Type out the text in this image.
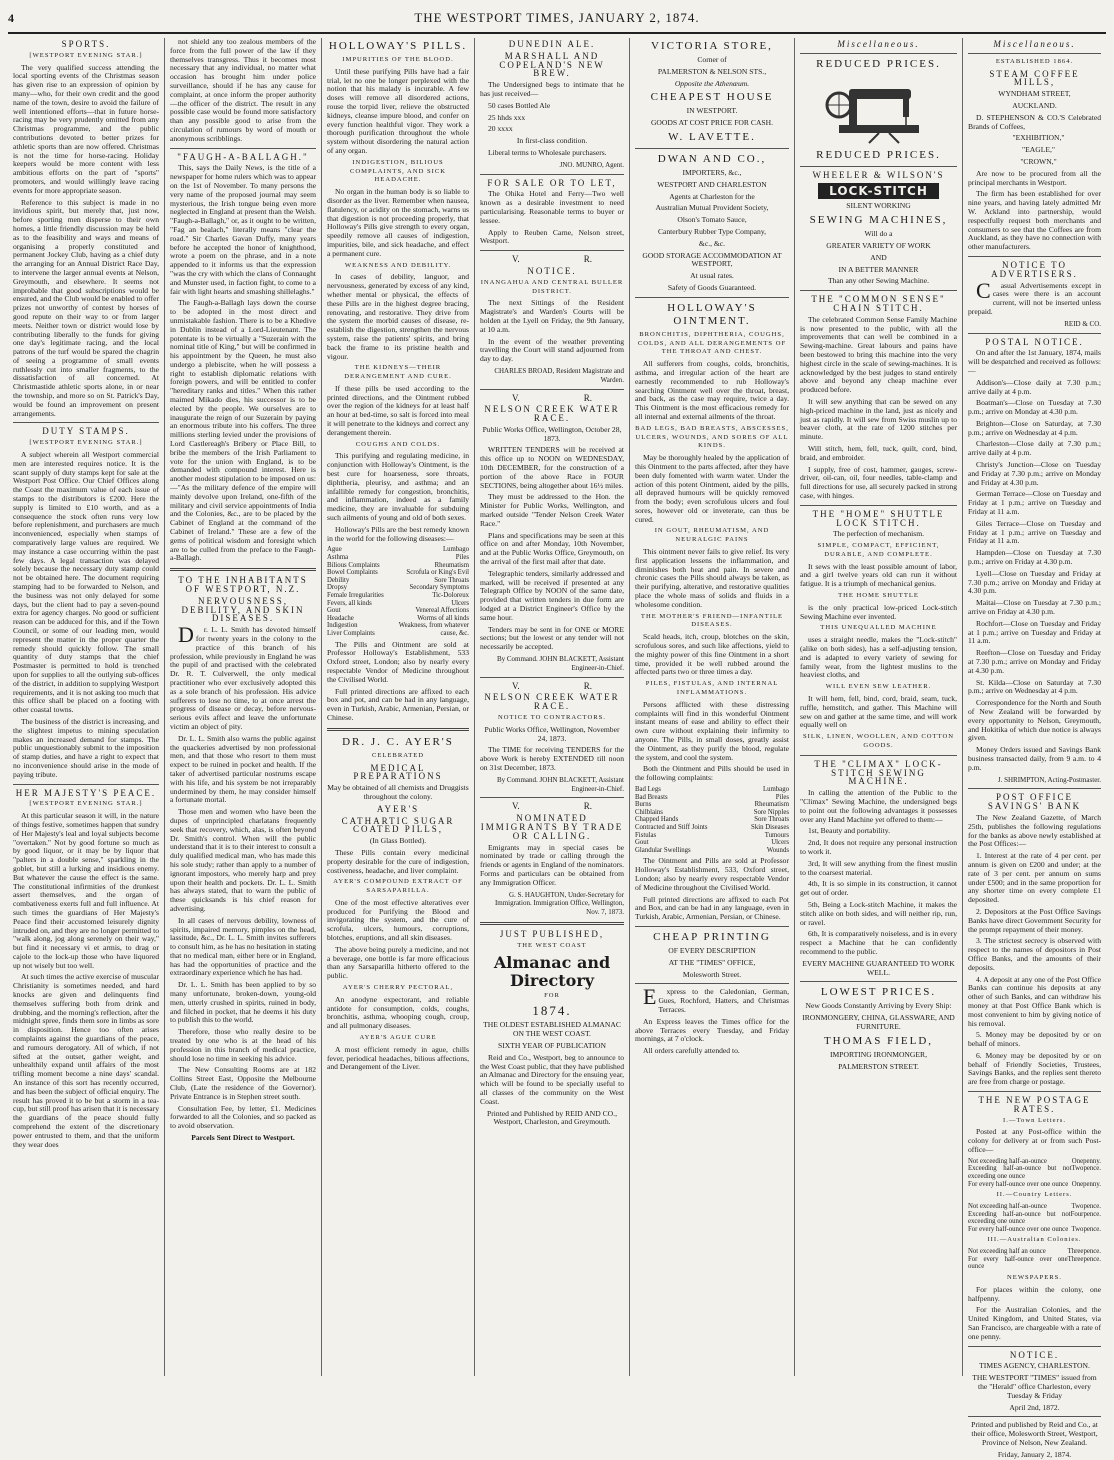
4	THE WESTPORT TIMES, JANUARY 2, 1874.
SPORTS.
[WESTPORT EVENING STAR.]

The very qualified success attending the local sporting events of the Christmas season has given rise to an expression of opinion by many—who, for their own credit and the good name of the town, desire to avoid the failure of well intentioned efforts—that in future horse-racing may be very prudently omitted from any Christmas programme, and the public contributions devoted to better prizes for athletic sports than are now offered. Christmas is not the time for horse-racing. Holiday keepers would be more content with less ambitious efforts on the part of "sports" promoters, and would willingly leave racing events for more appropriate season.

Reference to this subject is made in no invidious spirit, but merely that, just now, before sporting men disperse to their own homes, a little friendly discussion may be held as to the feasibility and ways and means of organising a properly constituted and permanent Jockey Club, having as a chief duty the arranging for an Annual District Race Day, to intervene the larger annual events at Nelson, Greymouth, and elsewhere. It seems not improbable that good subscriptions would be ensured, and the Club would be enabled to offer prizes not unworthy of contest by horses of good repute on their way to or from larger meets. Neither town or district would lose by contributing liberally to the funds for giving one day's legitimate racing, and the local patrons of the turf would be spared the chagrin of seeing a programme of small events ruthlessly cut into smaller fragments, to the dissatisfaction of all concerned. At Christmastide athletic sports alone, in or near the township, and more so on St. Patrick's Day, would be found an improvement on present arrangements.

DUTY STAMPS.
[WESTPORT EVENING STAR.]

A subject wherein all Westport commercial men are interested requires notice. It is the scant supply of duty stamps kept for sale at the Westport Post Office. Our Chief Offices along the Coast the maximum value of each issue of stamps to the distributors is £200. Here the supply is limited to £10 worth, and as a consequence the stock often runs very low before replenishment, and purchasers are much inconvenienced, especially when stamps of comparatively large values are required. We may instance a case occurring within the past few days. A legal transaction was delayed solely because the necessary duty stamp could not be obtained here. The document requiring stamping had to be forwarded to Nelson, and the business was not only delayed for some days, but the client had to pay a seven-pound extra for agency charges. No good or sufficient reason can be adduced for this, and if the Town Council, or some of our leading men, would represent the matter in the proper quarter the remedy should quickly follow. The small quantity of duty stamps that the chief Postmaster is permitted to hold is trenched upon for supplies to all the outlying sub-offices of the district, in addition to supplying Westport requirements, and it is not asking too much that this office shall be placed on a footing with other coastal towns.

The business of the district is increasing, and the slightest impetus to mining speculation makes an increased demand for stamps. The public unquestionably submit to the imposition of stamp duties, and have a right to expect that no inconvenience should arise in the mode of paying tribute.

HER MAJESTY'S PEACE.
[WESTPORT EVENING STAR.]

At this particular season it will, in the nature of things festive, sometimes happen that sundry of Her Majesty's leal and loyal subjects become "overtaken." Not by good fortune so much as by good liquor, or it may be by liquor that "palters in a double sense," sparkling in the goblet, but still a lurking and insidious enemy. But whatever the cause the effect is the same. The constitutional infirmities of the drunkest assert themselves, and the organ of combativeness exerts full and full influence. At such times the guardians of Her Majesty's Peace find their accustomed leisurely dignity intruded on, and they are no longer permitted to "walk along, jog along serenely on their way," but find it necessary vi et armis, to drag or cajole to the lock-up those who have liquored up not wisely but too well.

At such times the active exercise of muscular Christianity is sometimes needed, and hard knocks are given and delinquents find themselves suffering both from drink and drubbing, and the morning's reflection, after the midnight spree, finds them sore in limbs as sore in disposition. Hence too often arises complaints against the guardians of the peace, and rumours derogatory. All of which, if not sifted at the outset, gather weight, and unhealthily expand until affairs of the most trifling moment become a nine days' scandal. An instance of this sort has recently occurred, and has been the subject of official enquiry. The result has proved it to be but a storm in a tea-cup, but still proof has arisen that it is necessary the guardians of the peace should fully comprehend the extent of the discretionary power entrusted to them, and that the uniform they wear does

not shield any too zealous members of the force from the full power of the law if they themselves transgress. Thus it becomes most necessary that any individual, no matter what occasion has brought him under police surveillance, should if he has any cause for complaint, at once inform the proper authority—the officer of the district. The result in any possible case would be found more satisfactory than any possible good to arise from the circulation of rumours by word of mouth or anonymous scribblings.

"FAUGH-A-BALLAGH."

This, says the Daily News, is the title of a newspaper for home rulers which was to appear on the 1st of November. To many persons the very name of the proposed journal may seem mysterious, the Irish tongue being even more neglected in England at present than the Welsh. "Faugh-a-Ballagh," or, as it ought to be written, "Fag an bealach," literally means "clear the road." Sir Charles Gavan Duffy, many years before he accepted the honor of knighthood, wrote a poem on the phrase, and in a note appended to it informs us that the expression "was the cry with which the clans of Connaught and Munster used, in faction fight, to come to a fair with light hearts and smashing shillelaghs."

The Faugh-a-Ballagh lays down the course to be adopted in the most direct and unmistakable fashion. There is to be a Khedive in Dublin instead of a Lord-Lieutenant. The potentate is to be virtually a "Suzerain with the nominal title of King," but will be confirmed in his appointment by the Queen, he must also undergo a plebiscite, when he will possess a right to establish diplomatic relations with foreign powers, and will be entitled to confer "hereditary ranks and titles." When this rather maimed Mikado dies, his successor is to be elected by the people. We ourselves are to inaugurate the reign of our Suzerain by paying an enormous tribute into his coffers. The three millions sterling levied under the provisions of Lord Castlereagh's Bribery or Place Bill, to bribe the members of the Irish Parliament to vote for the union with England, is to be demanded with compound interest. Here is another modest stipulation to be imposed on us:—"As the military defence of the empire will mainly devolve upon Ireland, one-fifth of the military and civil service appointments of India and the Colonies, &c., are to be placed by the Cabinet of England at the command of the Cabinet of Ireland." These are a few of the gems of political wisdom and foresight which are to be culled from the preface to the Faugh-a-Ballagh.

TO THE INHABITANTS OF WESTPORT, N.Z.
NERVOUSNESS, DEBILITY, AND SKIN DISEASES.

Dr. L. L. Smith has devoted himself for twenty years in the colony to the practice of this branch of his profession, while previously in England he was the pupil of and practised with the celebrated Dr. R. T. Culverwell, the only medical practitioner who ever exclusively adopted this as a sole branch of his profession. His advice sufferers to lose no time, to at once arrest the progress of disease or decay, before nervous-serious evils affect and leave the unfortunate victim an object of pity.

Dr. L. L. Smith also warns the public against the quackeries advertised by non professional men, and that those who resort to them must expect to be ruined in pocket and health. If the taker of advertised particular nostrums escape with his life, and his system be not irreparably undermined by them, he may consider himself a fortunate mortal.

Those men and women who have been the dupes of unprincipled charlatans frequently seek that recovery, which, alas, is often beyond Dr. Smith's control. When will the public understand that it is to their interest to consult a duly qualified medical man, who has made this his sole study; rather than apply to a number of ignorant impostors, who merely harp and prey upon their health and pockets. Dr. L. L. Smith has always stated, that to warn the public of these quicksands is his chief reason for advertising.

In all cases of nervous debility, lowness of spirits, impaired memory, pimples on the head, lassitude, &c., Dr. L. L. Smith invites sufferers to consult him, as he has no hesitation in stating that no medical man, either here or in England, has had the opportunities of practice and the extraordinary experience which he has had.

Dr. L. L. Smith has been applied to by so many unfortunate, broken-down, young-old men, utterly crushed in spirits, ruined in body, and filched in pocket, that he deems it his duty to publish this to the world.

Therefore, those who really desire to be treated by one who is at the head of his profession in this branch of medical practice, should lose no time in seeking his advice.

The New Consulting Rooms are at 182 Collins Street East, Opposite the Melbourne Club, (Late the residence of the Governor). Private Entrance is in Stephen street south.

Consultation Fee, by letter, £1. Medicines forwarded to all the Colonies, and so packed as to avoid observation.

Parcels Sent Direct to Westport.

HOLLOWAY'S PILLS.
IMPURITIES OF THE BLOOD.

Until these purifying Pills have had a fair trial, let no one be longer perplexed with the notion that his malady is incurable. A few doses will remove all disordered actions, rouse the torpid liver, relieve the obstructed kidneys, cleanse impure blood, and confer on every function healthful vigor. They work a thorough purification throughout the whole system without disordering the natural action of any organ.

INDIGESTION, BILIOUS COMPLAINTS, AND SICK HEADACHE.

No organ in the human body is so liable to disorder as the liver. Remember when nausea, flatulency, or acidity on the stomach, warns us that digestion is not proceeding properly, that Holloway's Pills give strength to every organ, speedily remove all causes of indigestion, impurities, bile, and sick headache, and effect a permanent cure.

WEAKNESS AND DEBILITY.

In cases of debility, languor, and nervousness, generated by excess of any kind, whether mental or physical, the effects of these Pills are in the highest degree bracing, renovating, and restorative. They drive from the system the morbid causes of disease, re-establish the digestion, strengthen the nervous system, raise the patients' spirits, and bring back the frame to its pristine health and vigour.

THE KIDNEYS—THEIR DERANGEMENT AND CURE.

If these pills be used according to the printed directions, and the Ointment rubbed over the region of the kidneys for at least half an hour at bed-time, so salt is forced into meal it will penetrate to the kidneys and correct any derangement therein.

COUGHS AND COLDS.

This purifying and regulating medicine, in conjunction with Holloway's Ointment, is the best cure for hoarseness, sore throats, diphtheria, pleurisy, and asthma; and an infallible remedy for congestion, bronchitis, and inflammation, indeed as a family medicine, they are invaluable for subduing such ailments of young and old of both sexes.

Holloway's Pills are the best remedy known in the world for the following diseases:—

Ague	Lumbago
Asthma	Piles
Bilious Complaints	Rheumatism
Bowel Complaints	Scrofula or King's Evil
Debility	Sore Throats
Dropsy	Secondary Symptoms
Female Irregularities	Tic-Doloreux
Fevers, all kinds	Ulcers
Gout	Venereal Affections
Headache	Worms of all kinds
Indigestion	Weakness, from whatever
Liver Complaints	cause, &c.

The Pills and Ointment are sold at Professor Holloway's Establishment, 533 Oxford street, London; also by nearly every respectable Vendor of Medicine throughout the Civilised World.

Full printed directions are affixed to each box and pot, and can be had in any language, even in Turkish, Arabic, Armenian, Persian, or Chinese.

DR. J. C. AYER'S
CELEBRATED
MEDICAL PREPARATIONS

May be obtained of all chemists and Druggists throughout the colony.

AYER'S
CATHARTIC SUGAR COATED PILLS,

(In Glass Bottled).

These Pills contain every medicinal property desirable for the cure of indigestion, costiveness, headache, and liver complaint.

AYER'S COMPOUND EXTRACT OF SARSAPARILLA.

One of the most effective alteratives ever produced for Purifying the Blood and invigorating the system, and the cure of scrofula, ulcers, humours, corruptions, blotches, eruptions, and all skin diseases.

The above being purely a medicine, and not a beverage, one bottle is far more efficacious than any Sarsaparilla hitherto offered to the public.

AYER'S CHERRY PECTORAL,

An anodyne expectorant, and reliable antidote for consumption, colds, coughs, bronchitis, asthma, whooping cough, croup, and all pulmonary diseases.

AYER'S AGUE CURE

A most efficient remedy in ague, chills fever, periodical headaches, bilious affections, and Derangement of the Liver.

DUNEDIN ALE.
MARSHALL AND COPELAND'S NEW BREW.

The Undersigned begs to intimate that he has just received—

50 cases Bottled Ale

25 hhds xxx

20 xxxx

In first-class condition.

Liberal terms to Wholesale purchasers.

JNO. MUNRO, Agent.

FOR SALE OR TO LET,

The Ohika Hotel and Ferry—Two well known as a desirable investment to need particularising. Reasonable terms to buyer or lessee.

Apply to Reuben Carne, Nelson street, Westport.

V.	R.
NOTICE.
INANGAHUA AND CENTRAL BULLER DISTRICT.

The next Sittings of the Resident Magistrate's and Warden's Courts will be holden at the Lyell on Friday, the 9th January, at 10 a.m.

In the event of the weather preventing travelling the Court will stand adjourned from day to day.

CHARLES BROAD, Resident Magistrate and Warden.

V.	R.
NELSON CREEK WATER RACE.

Public Works Office, Wellington, October 28, 1873.

WRITTEN TENDERS will be received at this office up to NOON on WEDNESDAY, 10th DECEMBER, for the construction of a portion of the above Race in FOUR SECTIONS, being altogether about 16½ miles.

They must be addressed to the Hon. the Minister for Public Works, Wellington, and marked outside "Tender Nelson Creek Water Race."

Plans and specifications may be seen at this office on and after Monday, 10th November, and at the Public Works Office, Greymouth, on the arrival of the first mail after that date.

Telegraphic tenders, similarly addressed and marked, will be received if presented at any Telegraph Office by NOON of the same date, provided that written tenders in due form are lodged at a District Engineer's Office by the same hour.

Tenders may be sent in for ONE or MORE sections; but the lowest or any tender will not necessarily be accepted.

By Command. JOHN BLACKETT, Assistant Engineer-in-Chief.

V.	R.
NELSON CREEK WATER RACE.
NOTICE TO CONTRACTORS.

Public Works Office, Wellington, November 24, 1873.

The TIME for receiving TENDERS for the above Work is hereby EXTENDED till noon on 31st December, 1873.

By Command. JOHN BLACKETT, Assistant Engineer-in-Chief.

V.	R.
NOMINATED IMMIGRANTS BY TRADE OR CALLING.

Emigrants may in special cases be nominated by trade or calling through the friends or agents in England of the nominators. Forms and particulars can be obtained from any Immigration Officer.

G. S. HAUGHTON, Under-Secretary for Immigration. Immigration Office, Wellington, Nov. 7, 1873.

JUST PUBLISHED,
THE WEST COAST
Almanac and Directory
FOR
1874.

THE OLDEST ESTABLISHED ALMANAC ON THE WEST COAST.

SIXTH YEAR OF PUBLICATION

Reid and Co., Westport, beg to announce to the West Coast public, that they have published an Almanac and Directory for the ensuing year, which will be found to be specially useful to all classes of the community on the West Coast.

Printed and Published by REID AND CO., Westport, Charleston, and Greymouth.

VICTORIA STORE,

Corner of

PALMERSTON & NELSON STS.,

Opposite the Athenæum.

CHEAPEST HOUSE

IN WESTPORT.

GOODS AT COST PRICE FOR CASH.

W. LAVETTE.

DWAN AND CO.,

IMPORTERS, &c.,

WESTPORT AND CHARLESTON

Agents at Charleston for the

Australian Mutual Provident Society,

Olson's Tomato Sauce,

Canterbury Rubber Type Company,

&c., &c.

GOOD STORAGE ACCOMMODATION AT WESTPORT,

At usual rates.

Safety of Goods Guaranteed.

HOLLOWAY'S OINTMENT.
BRONCHITIS, DIPHTHERIA, COUGHS, COLDS, AND ALL DERANGEMENTS OF THE THROAT AND CHEST.

All sufferers from coughs, colds, bronchitis, asthma, and irregular action of the heart are earnestly recommended to rub Holloway's searching Ointment well over the throat, breast, and back, as the case may require, twice a day. This Ointment is the most efficacious remedy for all internal and external ailments of the throat.

BAD LEGS, BAD BREASTS, ABSCESSES, ULCERS, WOUNDS, AND SORES OF ALL KINDS.

May be thoroughly healed by the application of this Ointment to the parts affected, after they have been duly fomented with warm water. Under the action of this potent Ointment, aided by the pills, all depraved humours will be quickly removed from the body; even scrofulous ulcers and foul sores, however old or inveterate, can thus be cured.

IN GOUT, RHEUMATISM, AND NEURALGIC PAINS

This ointment never fails to give relief. Its very first application lessens the inflammation, and diminishes both heat and pain. In severe and chronic cases the Pills should always be taken, as their purifying, alterative, and restorative qualities place the whole mass of solids and fluids in a wholesome condition.

THE MOTHER'S FRIEND—INFANTILE DISEASES.

Scald heads, itch, croup, blotches on the skin, scrofulous sores, and such like affections, yield to the mighty power of this fine Ointment in a short time, provided it be well rubbed around the affected parts two or three times a day.

PILES, FISTULAS, AND INTERNAL INFLAMMATIONS.

Persons afflicted with these distressing complaints will find in this wonderful Ointment instant means of ease and ability to effect their own cure without explaining their infirmity to anyone. The Pills, in small doses, greatly assist the Ointment, as they purify the blood, regulate the system, and cool the system.

Both the Ointment and Pills should be used in the following complaints:

Bad Legs	Lumbago
Bad Breasts	Piles
Burns	Rheumatism
Chilblains	Sore Nipples
Chapped Hands	Sore Throats
Contracted and Stiff Joints	Skin Diseases
Fistulas	Tumours
Gout	Ulcers
Glandular Swellings	Wounds

The Ointment and Pills are sold at Professor Holloway's Establishment, 533, Oxford street, London; also by nearly every respectable Vendor of Medicine throughout the Civilised World.

Full printed directions are affixed to each Pot and Box, and can be had in any language, even in Turkish, Arabic, Armenian, Persian, or Chinese.

CHEAP PRINTING

OF EVERY DESCRIPTION

AT THE "TIMES" OFFICE,

Molesworth Street.

Express to the Caledonian, German, Gues, Rochford, Hatters, and Christmas Terraces.

An Express leaves the Times office for the above Terraces every Tuesday, and Friday mornings, at 7 o'clock.

All orders carefully attended to.

Miscellaneous.
REDUCED PRICES.
REDUCED PRICES.
WHEELER & WILSON'S
LOCK-STITCH

SILENT WORKING

SEWING MACHINES,

Will do a

GREATER VARIETY OF WORK

AND

IN A BETTER MANNER

Than any other Sewing Machine.

THE "COMMON SENSE" CHAIN STITCH.

The celebrated Common Sense Family Machine is now presented to the public, with all the improvements that can well be combined in a Sewing-machine. Great labours and pains have been bestowed to bring this machine into the very highest circle in the scale of sewing-machines. It is acknowledged by the best judges to stand entirely above and beyond any cheap machine ever produced before.

It will sew anything that can be sewed on any high-priced machine in the land, just as nicely and just as rapidly. It will sew from Swiss muslin up to beaver cloth, at the rate of 1200 stitches per minute.

Will stitch, hem, fell, tuck, quilt, cord, bind, braid, and embroider.

I supply, free of cost, hammer, gauges, screw-driver, oil-can, oil, four needles, table-clamp and full directions for use, all securely packed in strong case, with hinges.

THE "HOME" SHUTTLE LOCK STITCH.

The perfection of mechanism.

SIMPLE, COMPACT, EFFICIENT, DURABLE, AND COMPLETE.

It sews with the least possible amount of labor, and a girl twelve years old can run it without fatigue. It is a triumph of mechanical genius.

THE HOME SHUTTLE

is the only practical low-priced Lock-stitch Sewing Machine ever invented.

THIS UNEQUALLED MACHINE

uses a straight needle, makes the "Lock-stitch" (alike on both sides), has a self-adjusting tension, and is adapted to every variety of sewing for family wear, from the lightest muslins to the heaviest cloths, and

WILL EVEN SEW LEATHER.

It will hem, fell, bind, cord, braid, seam, tuck, ruffle, hemstitch, and gather. This Machine will sew on and gather at the same time, and will work equally well on

SILK, LINEN, WOOLLEN, AND COTTON GOODS.
THE "CLIMAX" LOCK-STITCH SEWING MACHINE.

In calling the attention of the Public to the "Climax" Sewing Machine, the undersigned begs to point out the following advantages it possesses over any Hand Machine yet offered to them:—

1st, Beauty and portability.

2nd, It does not require any personal instruction to work it.

3rd, It will sew anything from the finest muslin to the coarsest material.

4th, It is so simple in its construction, it cannot get out of order.

5th, Being a Lock-stitch Machine, it makes the stitch alike on both sides, and will neither rip, run, or ravel.

6th, It is comparatively noiseless, and is in every respect a Machine that he can confidently recommend to the public.

EVERY MACHINE GUARANTEED TO WORK WELL.

LOWEST PRICES.

New Goods Constantly Arriving by Every Ship:

IRONMONGERY, CHINA, GLASSWARE, AND FURNITURE.

THOMAS FIELD,

IMPORTING IRONMONGER,

PALMERSTON STREET.

Miscellaneous.
ESTABLISHED 1864.
STEAM COFFEE MILLS,

WYNDHAM STREET,

AUCKLAND.

D. STEPHENSON & CO.'S Celebrated Brands of Coffees,

"EXHIBITION,"

"EAGLE,"

"CROWN,"

Are now to be procured from all the principal merchants in Westport.

The firm has been established for over nine years, and having lately admitted Mr W. Ackland into partnership, would respectfully request both merchants and consumers to see that the Coffees are from Auckland, as they have no connection with other manufacturers.

NOTICE TO ADVERTISERS.

Casual Advertisements except in cases were there is an account current, will not be inserted unless prepaid.

REID & CO.

POSTAL NOTICE.

On and after the 1st January, 1874, mails will be despatched and received as follows:—

Addison's—Close daily at 7.30 p.m.; arrive daily at 4 p.m.

Boatman's—Close on Tuesday at 7.30 p.m.; arrive on Monday at 4.30 p.m.

Brighton—Close on Saturday, at 7.30 p.m.; arrive on Wednesday at 4 p.m.

Charleston—Close daily at 7.30 p.m.; arrive daily at 4 p.m.

Christy's Junction—Close on Tuesday and Friday at 7.30 p.m.; arrive on Monday and Friday at 4.30 p.m.

German Terrace—Close on Tuesday and Friday at 1 p.m.; arrive on Tuesday and Friday at 11 a.m.

Giles Terrace—Close on Tuesday and Friday at 1 p.m.; arrive on Tuesday and Friday at 11 a.m.

Hampden—Close on Tuesday at 7.30 p.m.; arrive on Friday at 4.30 p.m.

Lyell—Close on Tuesday and Friday at 7.30 p.m.; arrive on Monday and Friday at 4.30 p.m.

Maitai—Close on Tuesday at 7.30 p.m.; arrive on Friday at 4.30 p.m.

Rochfort—Close on Tuesday and Friday at 1 p.m.; arrive on Tuesday and Friday at 11 a.m.

Reefton—Close on Tuesday and Friday at 7.30 p.m.; arrive on Monday and Friday at 4.30 p.m.

St. Kilda—Close on Saturday at 7.30 p.m.; arrive on Wednesday at 4 p.m.

Correspondence for the North and South of New Zealand will be forwarded by every opportunity to Nelson, Greymouth, and Hokitika of which due notice is always given.

Money Orders issued and Savings Bank business transacted daily, from 9 a.m. to 4 p.m.

J. SHRIMPTON, Acting-Postmaster.

POST OFFICE SAVINGS' BANK

The New Zealand Gazette, of March 25th, publishes the following regulations for the banks as above newly established at the Post Offices:—

1. Interest at the rate of 4 per cent. per annum is given on £200 and under; at the rate of 3 per cent. per annum on sums under £500; and in the same proportion for any shorter time on every complete £1 deposited.

2. Depositors at the Post Office Savings Banks have direct Government Security for the prompt repayment of their money.

3. The strictest secrecy is observed with respect to the names of depositors in Post Office Banks, and the amounts of their deposits.

4. A deposit at any one of the Post Office Banks can continue his deposits at any other of such Banks, and can withdraw his money at that Post Office Bank which is most convenient to him by giving notice of his removal.

5. Money may be deposited by or on behalf of minors.

6. Money may be deposited by or on behalf of Friendly Societies, Trustees, Savings Banks, and the replies sent thereto are free from charge or postage.

THE NEW POSTAGE RATES.
I.—Town Letters.

Posted at any Post-office within the colony for delivery at or from such Post-office—

Not exceeding half-an-ounce	Onepenny.
Exceeding half-an-ounce but not exceeding one ounce
Twopence.
For every half-ounce over one ounce Onepenny.
II.—Country Letters.
Not exceeding half-an-ounce	Twopence.
Exceeding half-an-ounce but not exceeding one ounce
Fourpence.
For every half-ounce over one ounce Twopence.
III.—Australian Colonies.
Not exceeding half an ounce	Threepence.
For every half-ounce over one ounce
Threepence.
NEWSPAPERS.

For places within the colony, one halfpenny.

For the Australian Colonies, and the United Kingdom, and United States, via San Francisco, are chargeable with a rate of one penny.

NOTICE.

TIMES AGENCY, CHARLESTON.

THE WESTPORT "TIMES" issued from the "Herald" office Charleston, every Tuesday & Friday

April 2nd, 1872.

Printed and published by Reid and Co., at their office, Molesworth Street, Westport, Province of Nelson, New Zealand.

Friday, January 2, 1874.
